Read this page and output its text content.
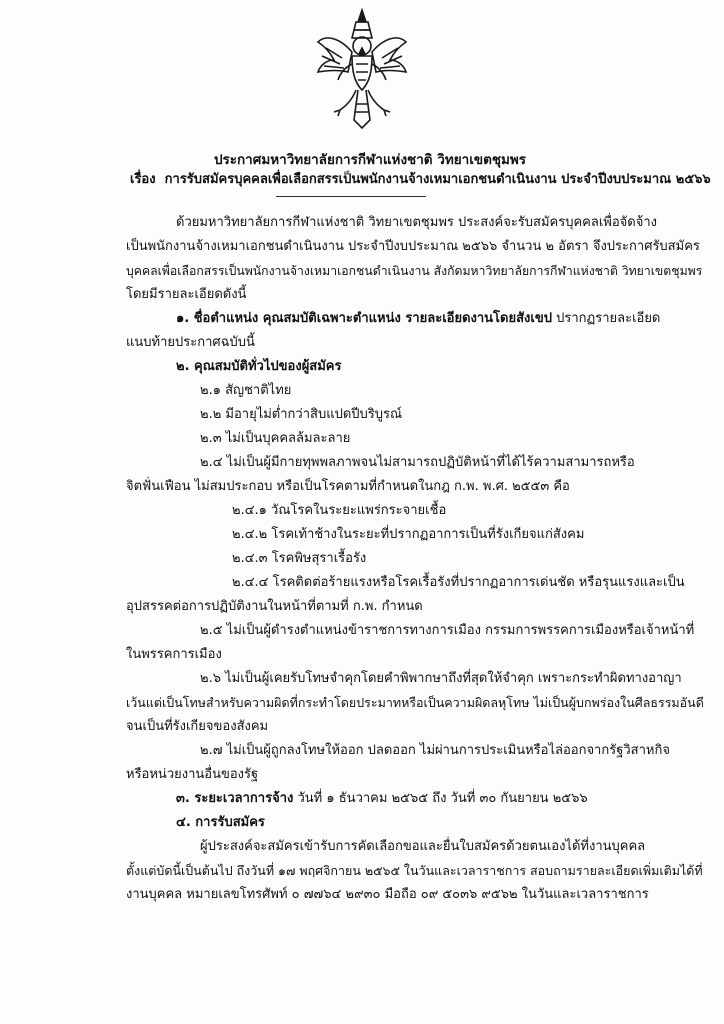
ประกาศมหาวิทยาลัยการกีฬาแห่งชาติ วิทยาเขตชุมพร
เรื่อง การรับสมัครบุคคลเพื่อเลือกสรรเป็นพนักงานจ้างเหมาเอกชนดำเนินงาน ประจำปีงบประมาณ ๒๕๖๖
ด้วยมหาวิทยาลัยการกีฬาแห่งชาติ วิทยาเขตชุมพร ประสงค์จะรับสมัครบุคคลเพื่อจัดจ้าง
เป็นพนักงานจ้างเหมาเอกชนดำเนินงาน ประจำปีงบประมาณ ๒๕๖๖ จำนวน ๒ อัตรา จึงประกาศรับสมัคร
บุคคลเพื่อเลือกสรรเป็นพนักงานจ้างเหมาเอกชนดำเนินงาน สังกัดมหาวิทยาลัยการกีฬาแห่งชาติ วิทยาเขตชุมพร
โดยมีรายละเอียดดังนี้
๑. ชื่อตำแหน่ง คุณสมบัติเฉพาะตำแหน่ง รายละเอียดงานโดยสังเขป ปรากฏรายละเอียด
แนบท้ายประกาศฉบับนี้
๒. คุณสมบัติทั่วไปของผู้สมัคร
๒.๑ สัญชาติไทย
๒.๒ มีอายุไม่ต่ำกว่าสิบแปดปีบริบูรณ์
๒.๓ ไม่เป็นบุคคลล้มละลาย
๒.๔ ไม่เป็นผู้มีกายทุพพลภาพจนไม่สามารถปฏิบัติหน้าที่ได้ไร้ความสามารถหรือ
จิตฟั่นเฟือน ไม่สมประกอบ หรือเป็นโรคตามที่กำหนดในกฎ ก.พ. พ.ศ. ๒๕๕๓ คือ
๒.๔.๑ วัณโรคในระยะแพร่กระจายเชื้อ
๒.๔.๒ โรคเท้าช้างในระยะที่ปรากฏอาการเป็นที่รังเกียจแก่สังคม
๒.๔.๓ โรคพิษสุราเรื้อรัง
๒.๔.๔ โรคติดต่อร้ายแรงหรือโรคเรื้อรังที่ปรากฏอาการเด่นชัด หรือรุนแรงและเป็น
อุปสรรคต่อการปฏิบัติงานในหน้าที่ตามที่ ก.พ. กำหนด
๒.๕ ไม่เป็นผู้ดำรงตำแหน่งข้าราชการทางการเมือง กรรมการพรรคการเมืองหรือเจ้าหน้าที่
ในพรรคการเมือง
๒.๖ ไม่เป็นผู้เคยรับโทษจำคุกโดยคำพิพากษาถึงที่สุดให้จำคุก เพราะกระทำผิดทางอาญา
เว้นแต่เป็นโทษสำหรับความผิดที่กระทำโดยประมาทหรือเป็นความผิดลหุโทษ ไม่เป็นผู้บกพร่องในศีลธรรมอันดี
จนเป็นที่รังเกียจของสังคม
๒.๗ ไม่เป็นผู้ถูกลงโทษให้ออก ปลดออก ไม่ผ่านการประเมินหรือไล่ออกจากรัฐวิสาหกิจ
หรือหน่วยงานอื่นของรัฐ
๓. ระยะเวลาการจ้าง วันที่ ๑ ธันวาคม ๒๕๖๕ ถึง วันที่ ๓๐ กันยายน ๒๕๖๖
๔. การรับสมัคร
ผู้ประสงค์จะสมัครเข้ารับการคัดเลือกขอและยื่นใบสมัครด้วยตนเองได้ที่งานบุคคล
ตั้งแต่บัดนี้เป็นต้นไป ถึงวันที่ ๑๗ พฤศจิกายน ๒๕๖๕ ในวันและเวลาราชการ สอบถามรายละเอียดเพิ่มเติมได้ที่
งานบุคคล หมายเลขโทรศัพท์ ๐ ๗๗๖๔ ๒๙๓๐ มือถือ ๐๙ ๕๐๓๖ ๙๕๖๒ ในวันและเวลาราชการ
